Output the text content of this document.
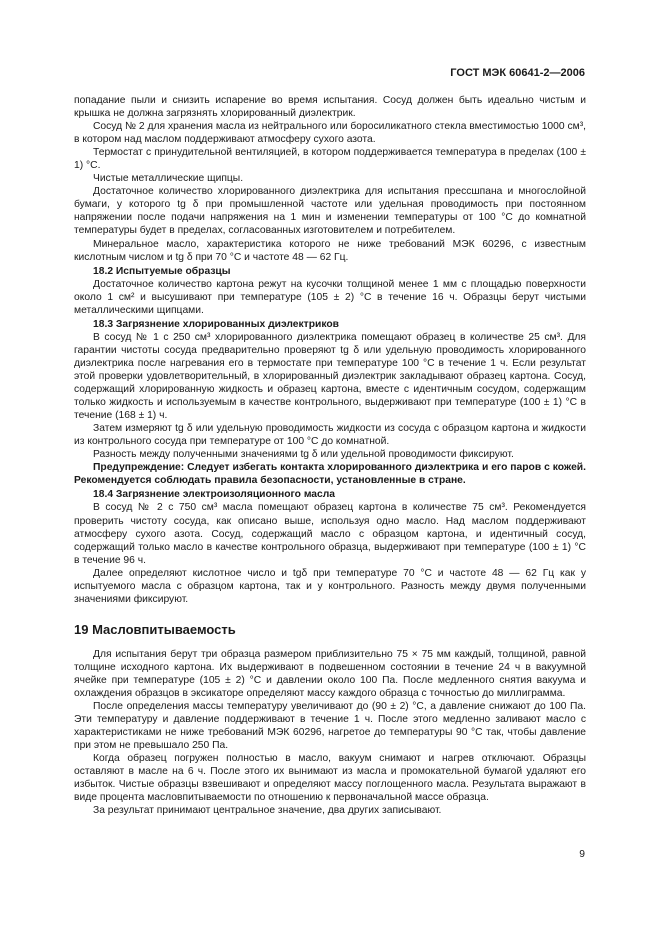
ГОСТ МЭК 60641-2—2006

попадание пыли и снизить испарение во время испытания. Сосуд должен быть идеально чистым и крышка не должна загрязнять хлорированный диэлектрик.

Сосуд № 2 для хранения масла из нейтрального или боросиликатного стекла вместимостью 1000 см³, в котором над маслом поддерживают атмосферу сухого азота.

Термостат с принудительной вентиляцией, в котором поддерживается температура в пределах (100 ± 1) °С.

Чистые металлические щипцы.

Достаточное количество хлорированного диэлектрика для испытания прессшпана и многослойной бумаги, у которого tg δ при промышленной частоте или удельная проводимость при постоянном напряжении после подачи напряжения на 1 мин и изменении температуры от 100 °С до комнатной температуры будет в пределах, согласованных изготовителем и потребителем.

Минеральное масло, характеристика которого не ниже требований МЭК 60296, с известным кислотным числом и tg δ при 70 °С и частоте 48 — 62 Гц.

18.2 Испытуемые образцы

Достаточное количество картона режут на кусочки толщиной менее 1 мм с площадью поверхности около 1 см² и высушивают при температуре (105 ± 2) °С в течение 16 ч. Образцы берут чистыми металлическими щипцами.

18.3 Загрязнение хлорированных диэлектриков

В сосуд № 1 с 250 см³ хлорированного диэлектрика помещают образец в количестве 25 см³. Для гарантии чистоты сосуда предварительно проверяют tg δ или удельную проводимость хлорированного диэлектрика после нагревания его в термостате при температуре 100 °С в течение 1 ч. Если результат этой проверки удовлетворительный, в хлорированный диэлектрик закладывают образец картона. Сосуд, содержащий хлорированную жидкость и образец картона, вместе с идентичным сосудом, содержащим только жидкость и используемым в качестве контрольного, выдерживают при температуре (100 ± 1) °С в течение (168 ± 1) ч.

Затем измеряют tg δ или удельную проводимость жидкости из сосуда с образцом картона и жидкости из контрольного сосуда при температуре от 100 °С до комнатной.

Разность между полученными значениями tg δ или удельной проводимости фиксируют.

Предупреждение: Следует избегать контакта хлорированного диэлектрика и его паров с кожей. Рекомендуется соблюдать правила безопасности, установленные в стране.

18.4 Загрязнение электроизоляционного масла

В сосуд № 2 с 750 см³ масла помещают образец картона в количестве 75 см³. Рекомендуется проверить чистоту сосуда, как описано выше, используя одно масло. Над маслом поддерживают атмосферу сухого азота. Сосуд, содержащий масло с образцом картона, и идентичный сосуд, содержащий только масло в качестве контрольного образца, выдерживают при температуре (100 ± 1) °С в течение 96 ч.

Далее определяют кислотное число и tgδ при температуре 70 °С и частоте 48 — 62 Гц как у испытуемого масла с образцом картона, так и у контрольного. Разность между двумя полученными значениями фиксируют.

19 Масловпитываемость

Для испытания берут три образца размером приблизительно 75 × 75 мм каждый, толщиной, равной толщине исходного картона. Их выдерживают в подвешенном состоянии в течение 24 ч в вакуумной ячейке при температуре (105 ± 2) °С и давлении около 100 Па. После медленного снятия вакуума и охлаждения образцов в эксикаторе определяют массу каждого образца с точностью до миллиграмма.

После определения массы температуру увеличивают до (90 ± 2) °С, а давление снижают до 100 Па. Эти температуру и давление поддерживают в течение 1 ч. После этого медленно заливают масло с характеристиками не ниже требований МЭК 60296, нагретое до температуры 90 °С так, чтобы давление при этом не превышало 250 Па.

Когда образец погружен полностью в масло, вакуум снимают и нагрев отключают. Образцы оставляют в масле на 6 ч. После этого их вынимают из масла и промокательной бумагой удаляют его избыток. Чистые образцы взвешивают и определяют массу поглощенного масла. Результата выражают в виде процента масловпитываемости по отношению к первоначальной массе образца.

За результат принимают центральное значение, два других записывают.

9
